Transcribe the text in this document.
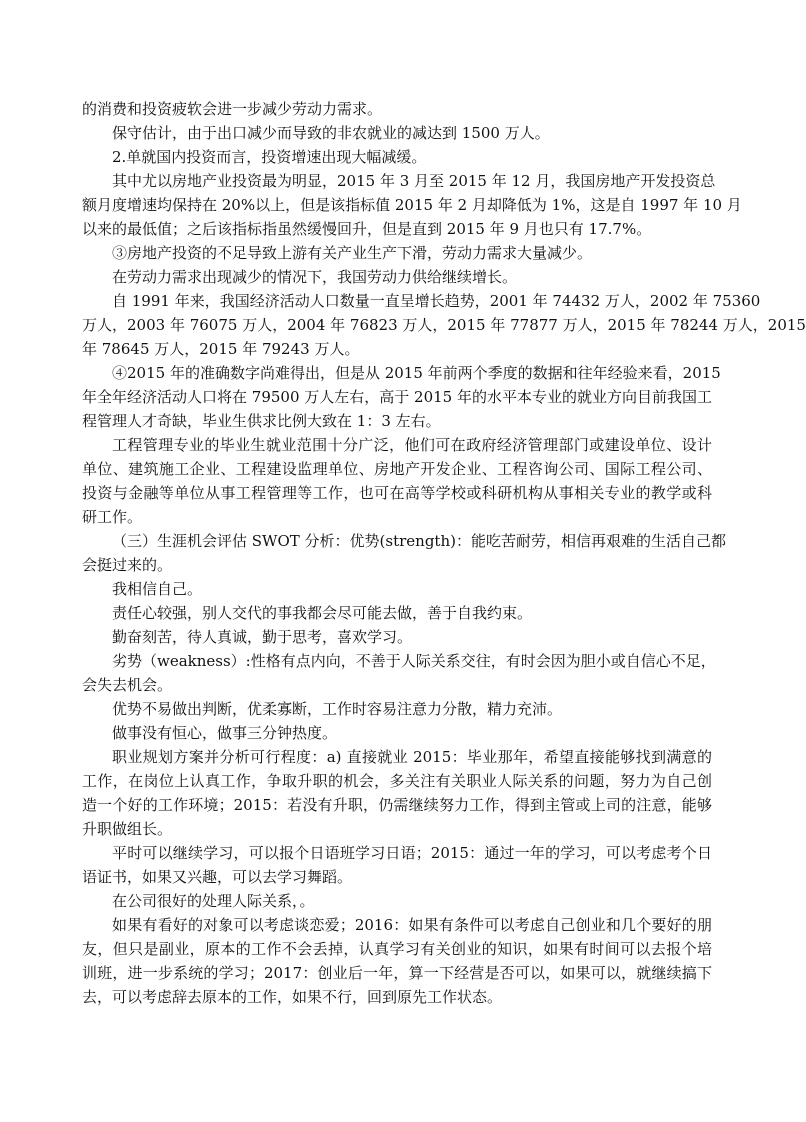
的消费和投资疲软会进一步减少劳动力需求。
保守估计，由于出口减少而导致的非农就业的减达到 1500 万人。
2.单就国内投资而言，投资增速出现大幅减缓。
其中尤以房地产业投资最为明显，2015 年 3 月至 2015 年 12 月，我国房地产开发投资总
额月度增速均保持在 20%以上，但是该指标值 2015 年 2 月却降低为 1%，这是自 1997 年 10 月
以来的最低值；之后该指标指虽然缓慢回升，但是直到 2015 年 9 月也只有 17.7%。
③房地产投资的不足导致上游有关产业生产下滑，劳动力需求大量减少。
在劳动力需求出现减少的情况下，我国劳动力供给继续增长。
自 1991 年来，我国经济活动人口数量一直呈增长趋势，2001 年 74432 万人，2002 年 75360
万人，2003 年 76075 万人，2004 年 76823 万人，2015 年 77877 万人，2015 年 78244 万人，2015
年 78645 万人，2015 年 79243 万人。
④2015 年的准确数字尚难得出，但是从 2015 年前两个季度的数据和往年经验来看，2015
年全年经济活动人口将在 79500 万人左右，高于 2015 年的水平本专业的就业方向目前我国工
程管理人才奇缺，毕业生供求比例大致在 1：3 左右。
工程管理专业的毕业生就业范围十分广泛，他们可在政府经济管理部门或建设单位、设计
单位、建筑施工企业、工程建设监理单位、房地产开发企业、工程咨询公司、国际工程公司、
投资与金融等单位从事工程管理等工作，也可在高等学校或科研机构从事相关专业的教学或科
研工作。
（三）生涯机会评估 SWOT 分析：优势(strength)：能吃苦耐劳，相信再艰难的生活自己都
会挺过来的。
我相信自己。
责任心较强，别人交代的事我都会尽可能去做，善于自我约束。
勤奋刻苦，待人真诚，勤于思考，喜欢学习。
劣势（weakness）:性格有点内向，不善于人际关系交往，有时会因为胆小或自信心不足，
会失去机会。
优势不易做出判断，优柔寡断，工作时容易注意力分散，精力充沛。
做事没有恒心，做事三分钟热度。
职业规划方案并分析可行程度：a) 直接就业 2015：毕业那年，希望直接能够找到满意的
工作，在岗位上认真工作，争取升职的机会，多关注有关职业人际关系的问题，努力为自己创
造一个好的工作环境；2015：若没有升职，仍需继续努力工作，得到主管或上司的注意，能够
升职做组长。
平时可以继续学习，可以报个日语班学习日语；2015：通过一年的学习，可以考虑考个日
语证书，如果又兴趣，可以去学习舞蹈。
在公司很好的处理人际关系，。
如果有看好的对象可以考虑谈恋爱；2016：如果有条件可以考虑自己创业和几个要好的朋
友，但只是副业，原本的工作不会丢掉，认真学习有关创业的知识，如果有时间可以去报个培
训班，进一步系统的学习；2017：创业后一年，算一下经营是否可以，如果可以，就继续搞下
去，可以考虑辞去原本的工作，如果不行，回到原先工作状态。
